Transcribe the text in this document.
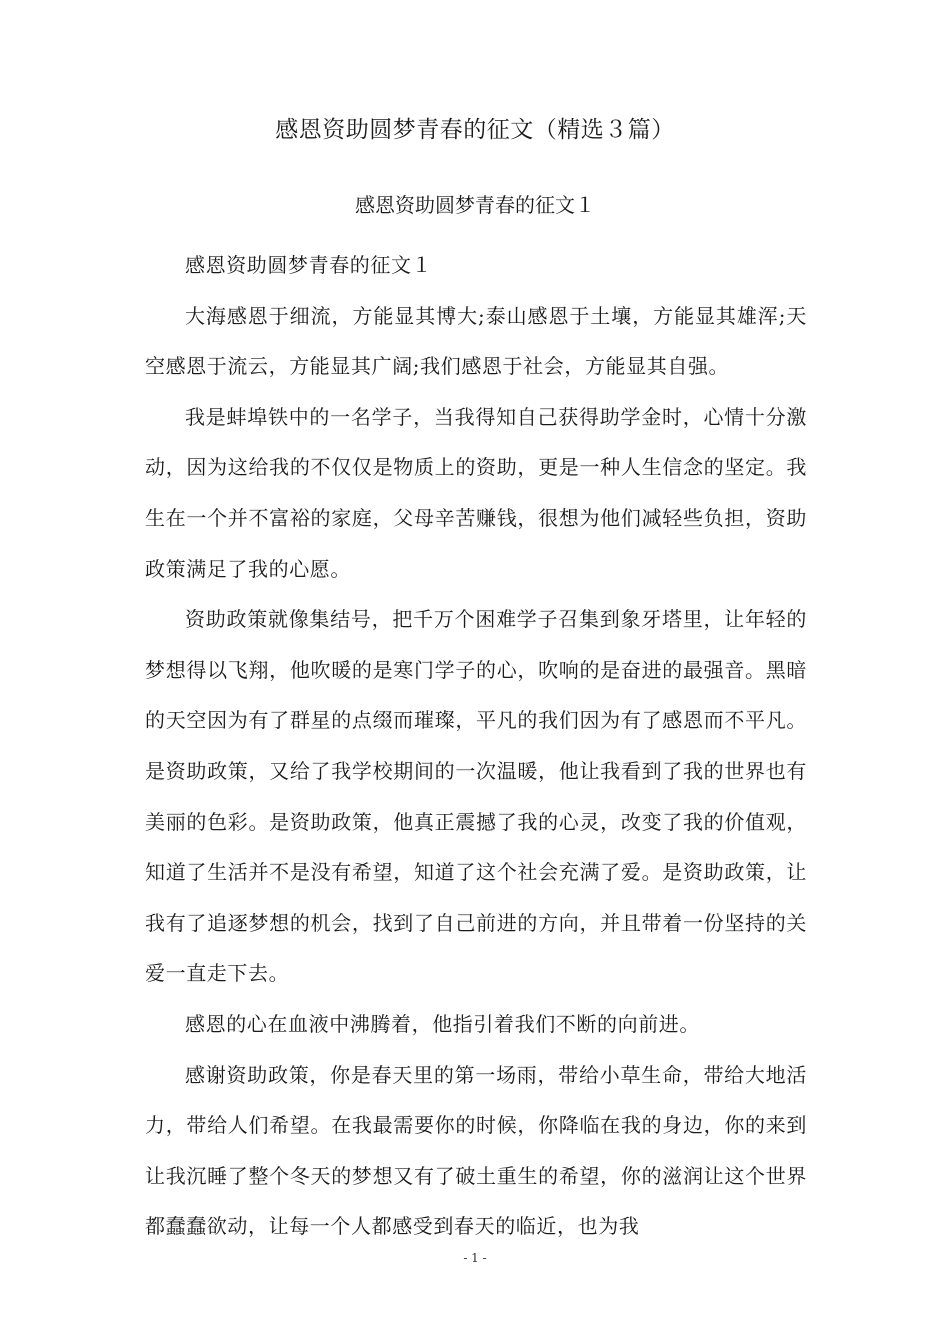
感恩资助圆梦青春的征文（精选３篇）
感恩资助圆梦青春的征文１

感恩资助圆梦青春的征文１

大海感恩于细流，方能显其博大;泰山感恩于土壤，方能显其雄浑;天空感恩于流云，方能显其广阔;我们感恩于社会，方能显其自强。

我是蚌埠铁中的一名学子，当我得知自己获得助学金时，心情十分激动，因为这给我的不仅仅是物质上的资助，更是一种人生信念的坚定。我生在一个并不富裕的家庭，父母辛苦赚钱，很想为他们减轻些负担，资助政策满足了我的心愿。

资助政策就像集结号，把千万个困难学子召集到象牙塔里，让年轻的梦想得以飞翔，他吹暖的是寒门学子的心，吹响的是奋进的最强音。黑暗的天空因为有了群星的点缀而璀璨，平凡的我们因为有了感恩而不平凡。是资助政策，又给了我学校期间的一次温暖，他让我看到了我的世界也有美丽的色彩。是资助政策，他真正震撼了我的心灵，改变了我的价值观，知道了生活并不是没有希望，知道了这个社会充满了爱。是资助政策，让我有了追逐梦想的机会，找到了自己前进的方向，并且带着一份坚持的关爱一直走下去。

感恩的心在血液中沸腾着，他指引着我们不断的向前进。

感谢资助政策，你是春天里的第一场雨，带给小草生命，带给大地活力，带给人们希望。在我最需要你的时候，你降临在我的身边，你的来到让我沉睡了整个冬天的梦想又有了破土重生的希望，你的滋润让这个世界都蠢蠢欲动，让每一个人都感受到春天的临近，也为我

- 1 -
